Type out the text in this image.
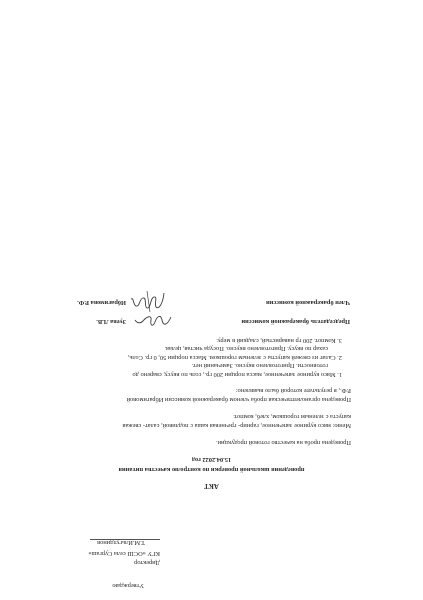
Утверждаю
Директор
КГУ «ОСШ села Сургаш»
Т.М.Ильгулдинов
АКТ
проведения школьной проверки по контролю качества питания
15.04.2022 год
Проведена проба на качество готовой продукции.
Меню: мясо куриное запеченное, гарнир- гречневая каша с подливой, салат- свежая
капуста с зеленым горошком, хлеб, компот.
Проведена органолептическая проба членом бракеражной комиссии Ибрагимовой
Р.Ф., в результате которой было выявлено:
1. Мясо куриное запеченное, масса порции 200 гр., соль по вкусу, сварено до
готовности. Приготовлено вкусно. Замечаний нет.
2. Салат из свежей капусты с зеленым горошком. Масса порции 50, 0 гр. Соль,
сахар по вкусу. Приготовлено вкусно. Посуда чистая, целая.
3. Компот. 200 гр наваристый, сладкий в меру.
Председатель бракеражной комиссии
Зуева Л.В.
Член бракеражной комиссии
Ибрагимова Р.Ф.
